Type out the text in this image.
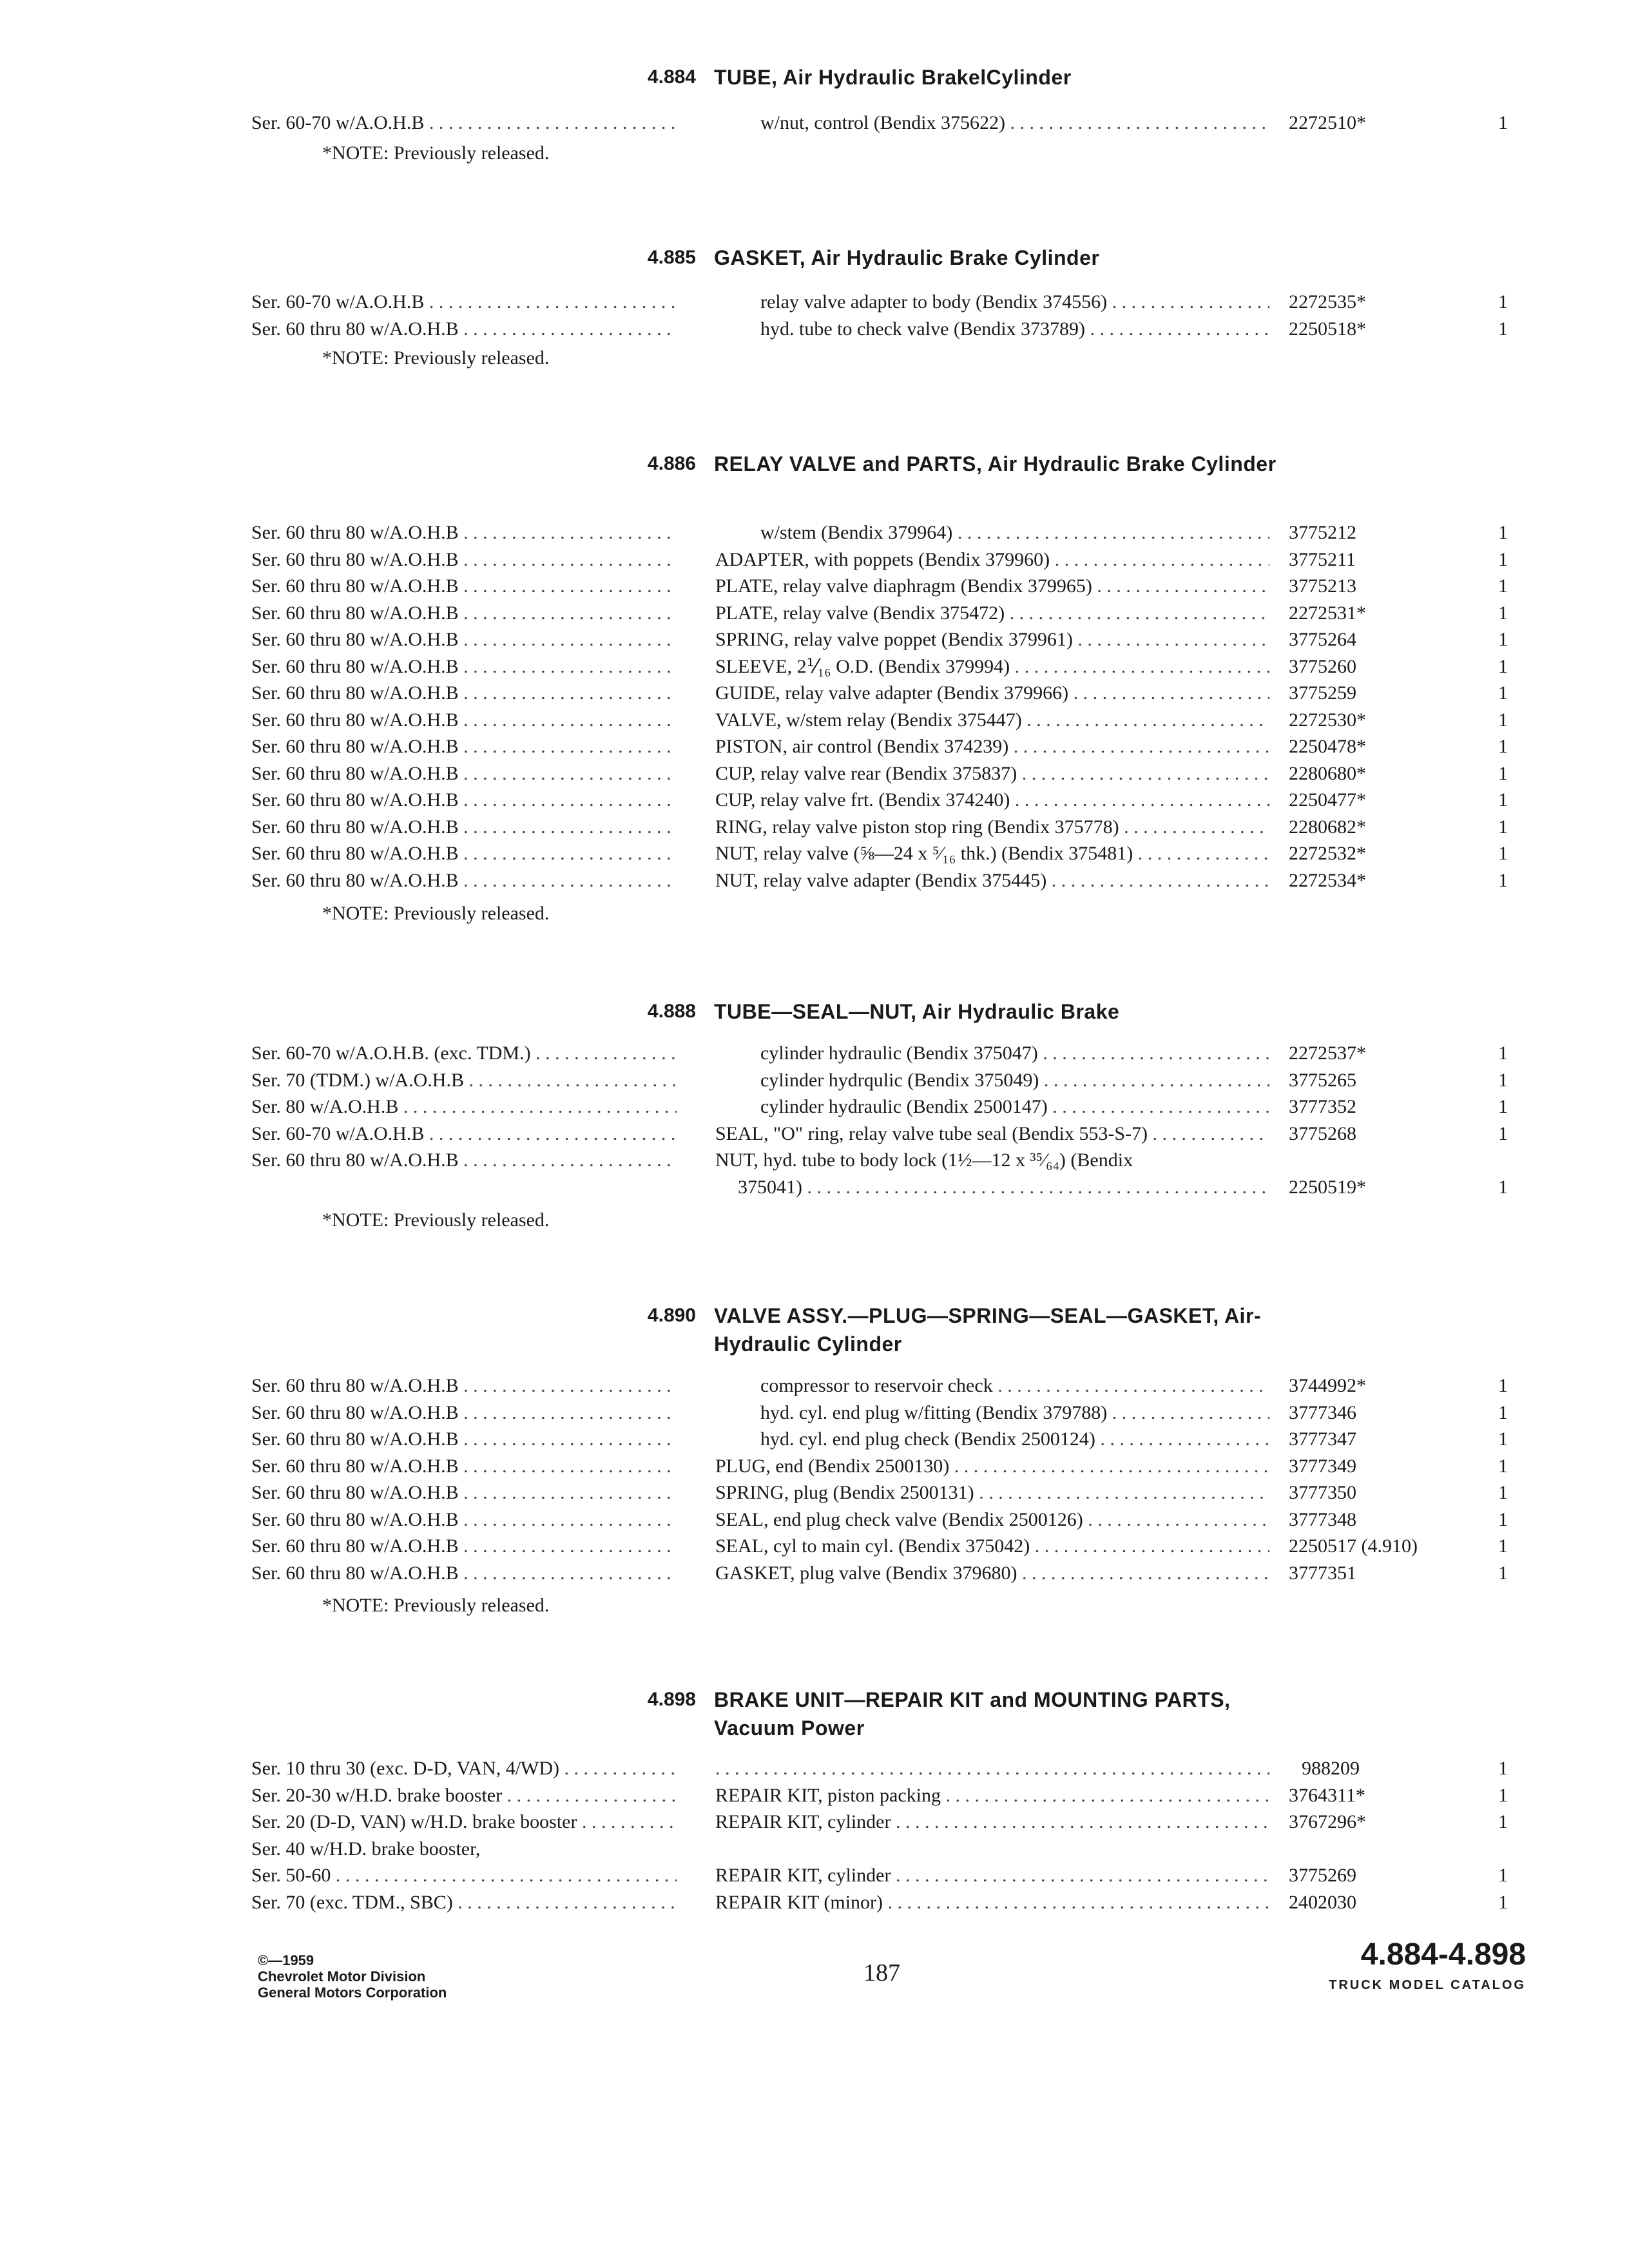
4.884 TUBE, Air Hydraulic BrakelCylinder
Ser. 60-70 w/A.O.H.B . . .	w/nut, control (Bendix 375622) . . .	2272510*	1
*NOTE: Previously released.
4.885 GASKET, Air Hydraulic Brake Cylinder
Ser. 60-70 w/A.O.H.B . . .	relay valve adapter to body (Bendix 374556) . . .	2272535*	1
Ser. 60 thru 80 w/A.O.H.B . . .	hyd. tube to check valve (Bendix 373789) . . .	2250518*	1
*NOTE: Previously released.
4.886 RELAY VALVE and PARTS, Air Hydraulic Brake Cylinder
Ser. 60 thru 80 w/A.O.H.B . . .	w/stem (Bendix 379964) . . .	3775212	1
Ser. 60 thru 80 w/A.O.H.B . . .	ADAPTER, with poppets (Bendix 379960) . . .	3775211	1
Ser. 60 thru 80 w/A.O.H.B . . .	PLATE, relay valve diaphragm (Bendix 379965) . . .	3775213	1
Ser. 60 thru 80 w/A.O.H.B . . .	PLATE, relay valve (Bendix 375472) . . .	2272531*	1
Ser. 60 thru 80 w/A.O.H.B . . .	SPRING, relay valve poppet (Bendix 379961) . . .	3775264	1
Ser. 60 thru 80 w/A.O.H.B . . .	SLEEVE, 2⅟₁₆ O.D. (Bendix 379994) . . .	3775260	1
Ser. 60 thru 80 w/A.O.H.B . . .	GUIDE, relay valve adapter (Bendix 379966) . . .	3775259	1
Ser. 60 thru 80 w/A.O.H.B . . .	VALVE, w/stem relay (Bendix 375447) . . .	2272530*	1
Ser. 60 thru 80 w/A.O.H.B . . .	PISTON, air control (Bendix 374239) . . .	2250478*	1
Ser. 60 thru 80 w/A.O.H.B . . .	CUP, relay valve rear (Bendix 375837) . . .	2280680*	1
Ser. 60 thru 80 w/A.O.H.B . . .	CUP, relay valve frt. (Bendix 374240) . . .	2250477*	1
Ser. 60 thru 80 w/A.O.H.B . . .	RING, relay valve piston stop ring (Bendix 375778) . . .	2280682*	1
Ser. 60 thru 80 w/A.O.H.B . . .	NUT, relay valve (⅝—24 x ⁵⁄₁₆ thk.) (Bendix 375481) . . .	2272532*	1
Ser. 60 thru 80 w/A.O.H.B . . .	NUT, relay valve adapter (Bendix 375445) . . .	2272534*	1
*NOTE: Previously released.
4.888 TUBE—SEAL—NUT, Air Hydraulic Brake
Ser. 60-70 w/A.O.H.B. (exc. TDM.) . . .	cylinder hydraulic (Bendix 375047) . . .	2272537*	1
Ser. 70 (TDM.) w/A.O.H.B . . .	cylinder hydrqulic (Bendix 375049) . . .	3775265	1
Ser. 80 w/A.O.H.B . . .	cylinder hydraulic (Bendix 2500147) . . .	3777352	1
Ser. 60-70 w/A.O.H.B . . .	SEAL, "O" ring, relay valve tube seal (Bendix 553-S-7) . . .	3775268	1
Ser. 60 thru 80 w/A.O.H.B . . .	NUT, hyd. tube to body lock (1½—12 x ³⁵⁄₆₄) (Bendix
375041) . . .	2250519*	1
*NOTE: Previously released.
4.890 VALVE ASSY.—PLUG—SPRING—SEAL—GASKET, Air-Hydraulic Cylinder
Ser. 60 thru 80 w/A.O.H.B . . .	compressor to reservoir check . . .	3744992*	1
Ser. 60 thru 80 w/A.O.H.B . . .	hyd. cyl. end plug w/fitting (Bendix 379788) . . .	3777346	1
Ser. 60 thru 80 w/A.O.H.B . . .	hyd. cyl. end plug check (Bendix 2500124) . . .	3777347	1
Ser. 60 thru 80 w/A.O.H.B . . .	PLUG, end (Bendix 2500130) . . .	3777349	1
Ser. 60 thru 80 w/A.O.H.B . . .	SPRING, plug (Bendix 2500131) . . .	3777350	1
Ser. 60 thru 80 w/A.O.H.B . . .	SEAL, end plug check valve (Bendix 2500126) . . .	3777348	1
Ser. 60 thru 80 w/A.O.H.B . . .	SEAL, cyl to main cyl. (Bendix 375042) . . .	2250517 (4.910)	1
Ser. 60 thru 80 w/A.O.H.B . . .	GASKET, plug valve (Bendix 379680) . . .	3777351	1
*NOTE: Previously released.
4.898 BRAKE UNIT—REPAIR KIT and MOUNTING PARTS, Vacuum Power
Ser. 10 thru 30 (exc. D-D, VAN, 4/WD) . . .
. . .	988209	1
Ser. 20-30 w/H.D. brake booster . . .	REPAIR KIT, piston packing . . .	3764311*	1
Ser. 20 (D-D, VAN) w/H.D. brake booster . . .	REPAIR KIT, cylinder . . .	3767296*	1
Ser. 40 w/H.D. brake booster,
Ser. 50-60 . . .	REPAIR KIT, cylinder . . .	3775269	1
Ser. 70 (exc. TDM., SBC) . . .	REPAIR KIT (minor) . . .	2402030	1
©—1959
Chevrolet Motor Division
General Motors Corporation
187
4.884-4.898
TRUCK MODEL CATALOG
